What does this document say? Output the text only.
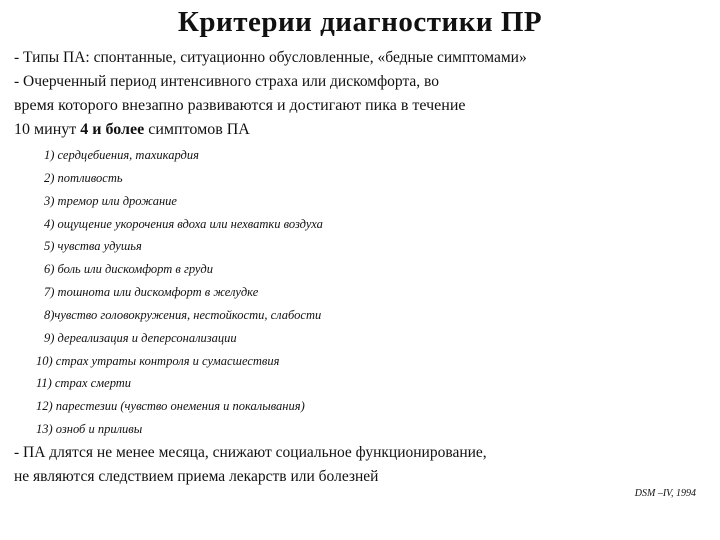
Критерии диагностики ПР
- Типы ПА: спонтанные, ситуационно обусловленные, «бедные симптомами»
- Очерченный период интенсивного страха или дискомфорта, во
время которого внезапно развиваются и достигают пика в течение
10 минут 4 и более симптомов ПА
1) сердцебиения, тахикардия
2) потливость
3) тремор или дрожание
4) ощущение укорочения вдоха или нехватки воздуха
5) чувства удушья
6) боль или дискомфорт в груди
7) тошнота или дискомфорт в желудке
8)чувство головокружения, нестойкости, слабости
9) дереализация и деперсонализации
10) страх утраты контроля и сумасшествия
11) страх смерти
12) парестезии (чувство онемения и покалывания)
13) озноб и приливы
- ПА длятся не менее месяца, снижают социальное функционирование,
не являются следствием приема лекарств или болезней
DSM –IV, 1994
